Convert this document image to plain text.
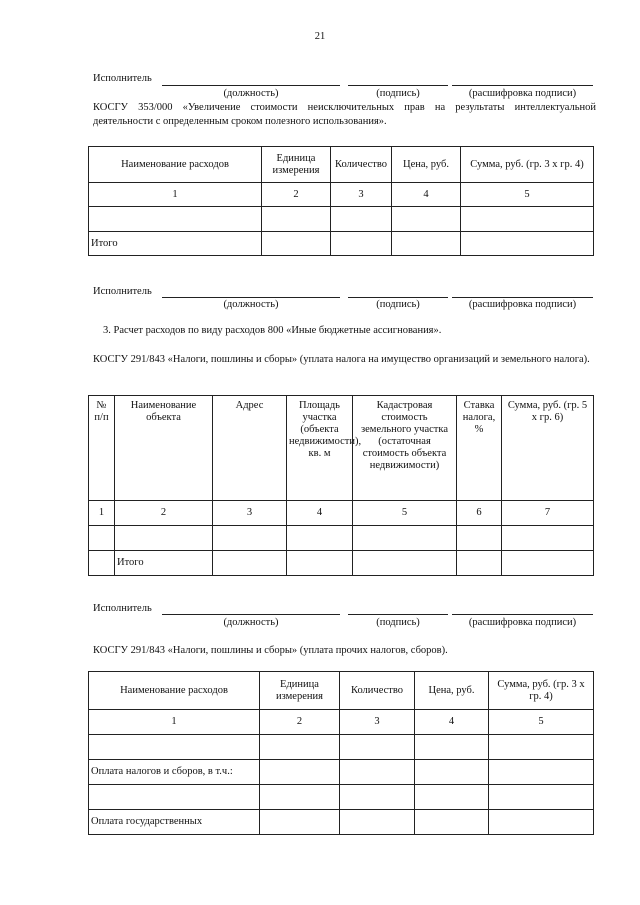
21
Исполнитель
(должность)	(подпись)	(расшифровка подписи)
КОСГУ 353/000 «Увеличение стоимости неисключительных прав на результаты интеллектуальной деятельности с определенным сроком полезного использования».
Наименование расходов	Единица измерения	Количество	Цена, руб.	Сумма, руб. (гр. 3 х гр. 4)
1	2	3	4	5

Итого				
Исполнитель
(должность)	(подпись)	(расшифровка подписи)
3. Расчет расходов по виду расходов 800 «Иные бюджетные ассигнования».
КОСГУ 291/843 «Налоги, пошлины и сборы» (уплата налога на имущество организаций и земельного налога).
№ п/п	Наименование объекта	Адрес	Площадь участка (объекта недвижимости), кв. м	Кадастровая стоимость земельного участка (остаточная стоимость объекта недвижимости)	Ставка налога, %	Сумма, руб. (гр. 5 х гр. 6)
1	2	3	4	5	6	7

	Итого					
Исполнитель
(должность)	(подпись)	(расшифровка подписи)
КОСГУ 291/843 «Налоги, пошлины и сборы» (уплата прочих налогов, сборов).
Наименование расходов	Единица измерения	Количество	Цена, руб.	Сумма, руб. (гр. 3 х гр. 4)
1	2	3	4	5

Оплата налогов и сборов, в т.ч.:				

Оплата государственных				
